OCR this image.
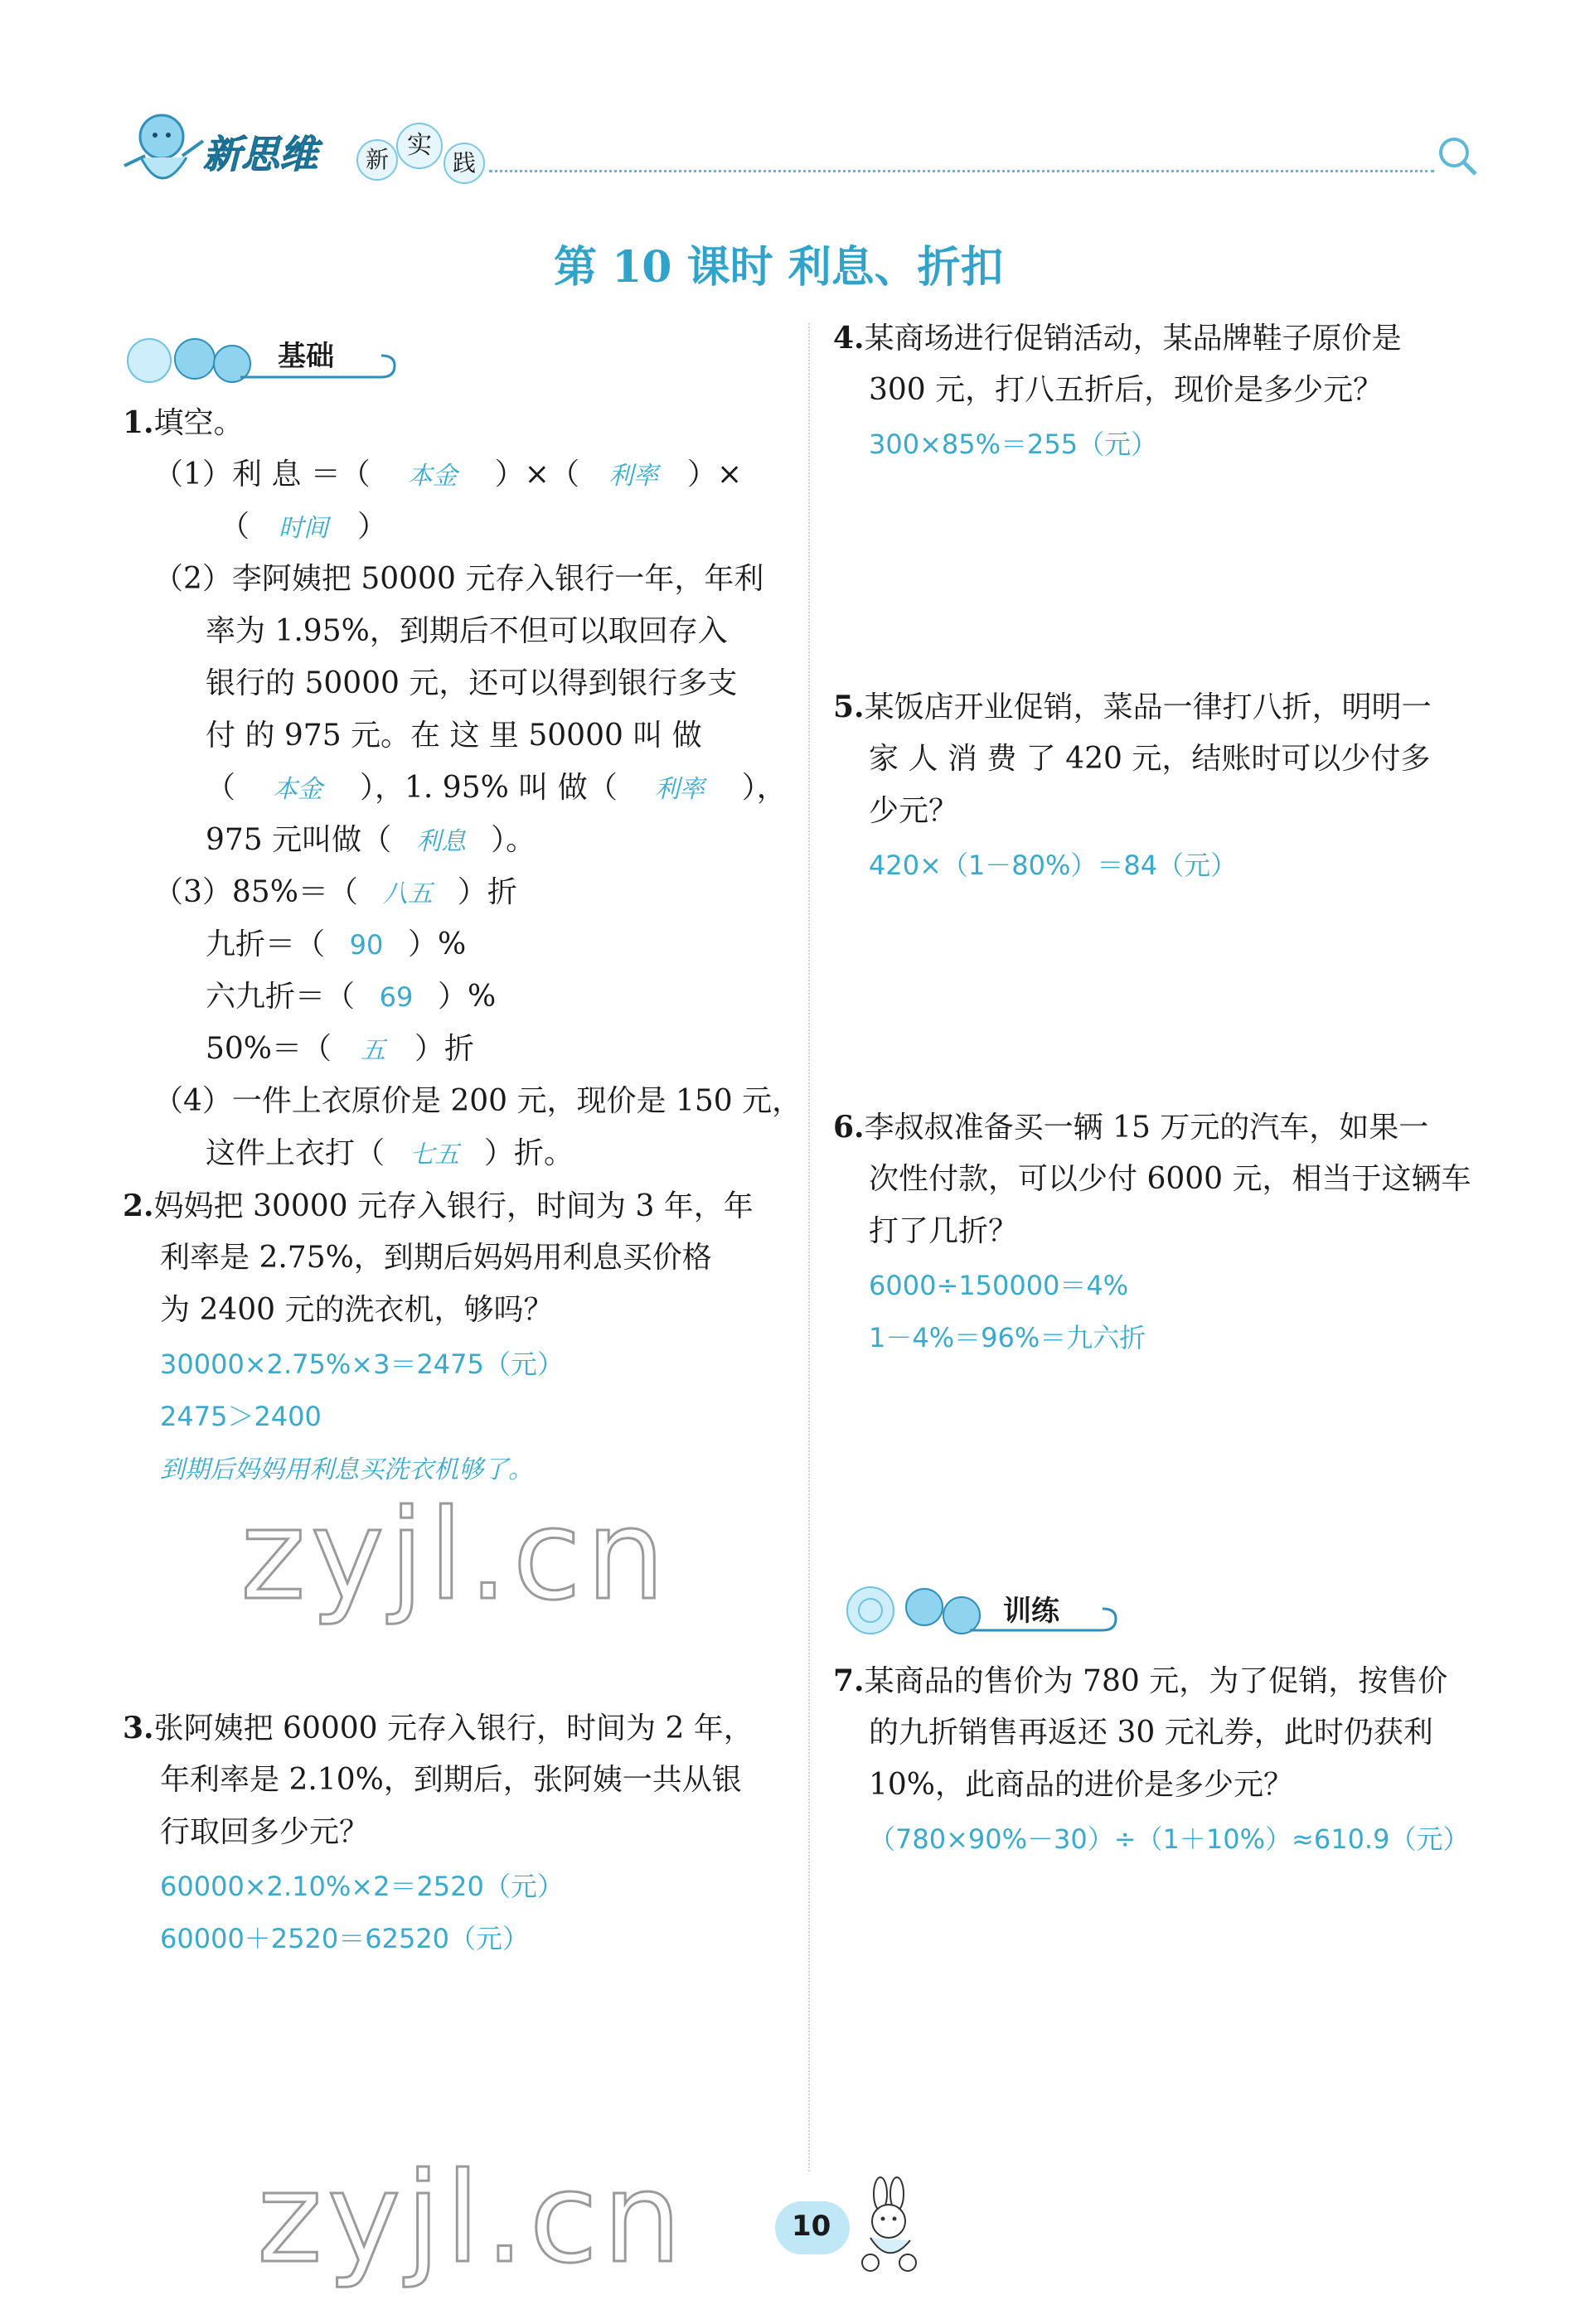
新思维	新 实
践
第 10 课时 利息、折扣
基础
1.填空。
（1）利 息 ＝（ 本金 ）×（ 利率 ）×
（ 时间 ）
（2）李阿姨把 50000 元存入银行一年，年利
率为 1.95%，到期后不但可以取回存入
银行的 50000 元，还可以得到银行多支
付 的 975 元。在 这 里 50000 叫 做
（ 本金 ），1. 95% 叫 做（ 利率 ），
975 元叫做（ 利息 ）。
（3）85%＝（ 八五 ）折
九折＝（ 90 ）%
六九折＝（ 69 ）%
50%＝（ 五 ）折
（4）一件上衣原价是 200 元，现价是 150 元，
这件上衣打（ 七五 ）折。
2.妈妈把 30000 元存入银行，时间为 3 年，年
利率是 2.75%，到期后妈妈用利息买价格
为 2400 元的洗衣机，够吗？
30000×2.75%×3＝2475（元）
2475＞2400
到期后妈妈用利息买洗衣机够了。
zyjl.cn
3.张阿姨把 60000 元存入银行，时间为 2 年，
年利率是 2.10%，到期后，张阿姨一共从银
行取回多少元？
60000×2.10%×2＝2520（元）
60000＋2520＝62520（元）
4.某商场进行促销活动，某品牌鞋子原价是
300 元，打八五折后，现价是多少元？
300×85%＝255（元）
5.某饭店开业促销，菜品一律打八折，明明一
家 人 消 费 了 420 元，结账时可以少付多
少元？
420×（1－80%）＝84（元）
6.李叔叔准备买一辆 15 万元的汽车，如果一
次性付款，可以少付 6000 元，相当于这辆车
打了几折？
6000÷150000＝4%
1－4%＝96%＝九六折
训练
7.某商品的售价为 780 元，为了促销，按售价
的九折销售再返还 30 元礼券，此时仍获利
10%，此商品的进价是多少元？
（780×90%－30）÷（1＋10%）≈610.9（元）
zyjl.cn	10
